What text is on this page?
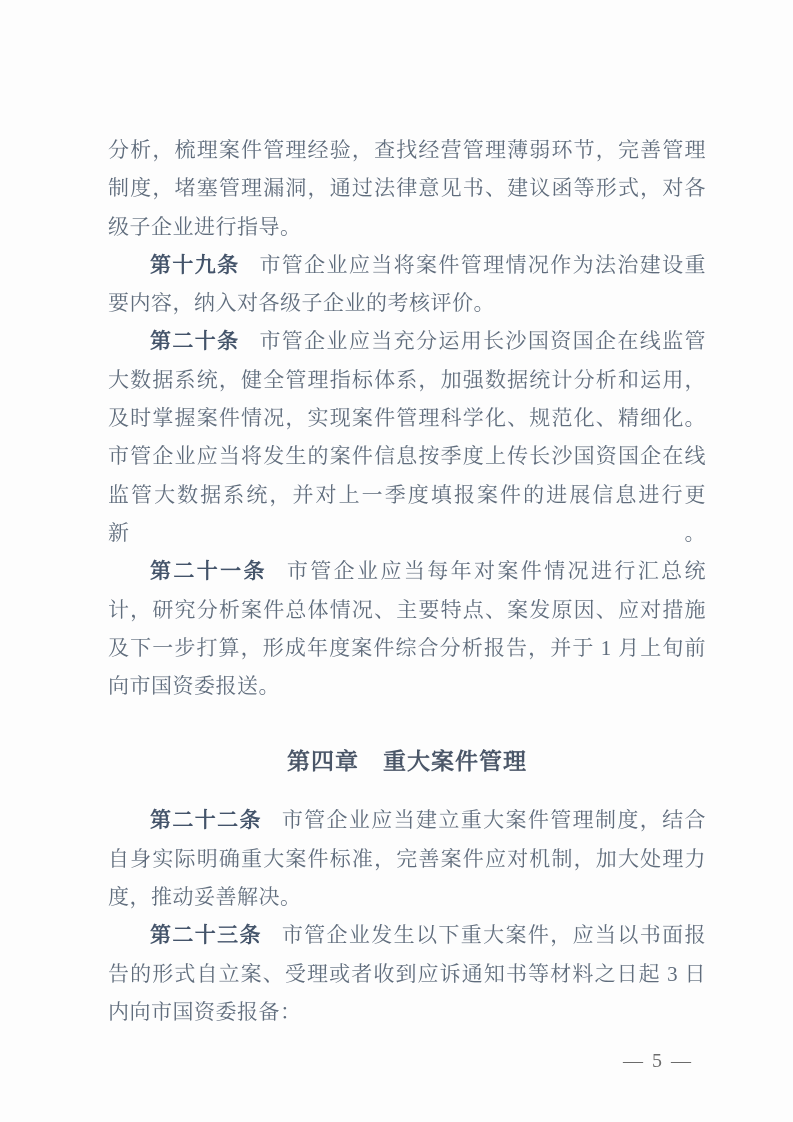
分析，梳理案件管理经验，查找经营管理薄弱环节，完善管理
制度，堵塞管理漏洞，通过法律意见书、建议函等形式，对各
级子企业进行指导。
第十九条 市管企业应当将案件管理情况作为法治建设重
要内容，纳入对各级子企业的考核评价。
第二十条 市管企业应当充分运用长沙国资国企在线监管
大数据系统，健全管理指标体系，加强数据统计分析和运用，
及时掌握案件情况，实现案件管理科学化、规范化、精细化。
市管企业应当将发生的案件信息按季度上传长沙国资国企在线
监管大数据系统，并对上一季度填报案件的进展信息进行更新。
第二十一条 市管企业应当每年对案件情况进行汇总统
计，研究分析案件总体情况、主要特点、案发原因、应对措施
及下一步打算，形成年度案件综合分析报告，并于 1 月上旬前
向市国资委报送。
第四章　重大案件管理
第二十二条 市管企业应当建立重大案件管理制度，结合
自身实际明确重大案件标准，完善案件应对机制，加大处理力
度，推动妥善解决。
第二十三条 市管企业发生以下重大案件，应当以书面报
告的形式自立案、受理或者收到应诉通知书等材料之日起 3 日
内向市国资委报备：
— 5 —
